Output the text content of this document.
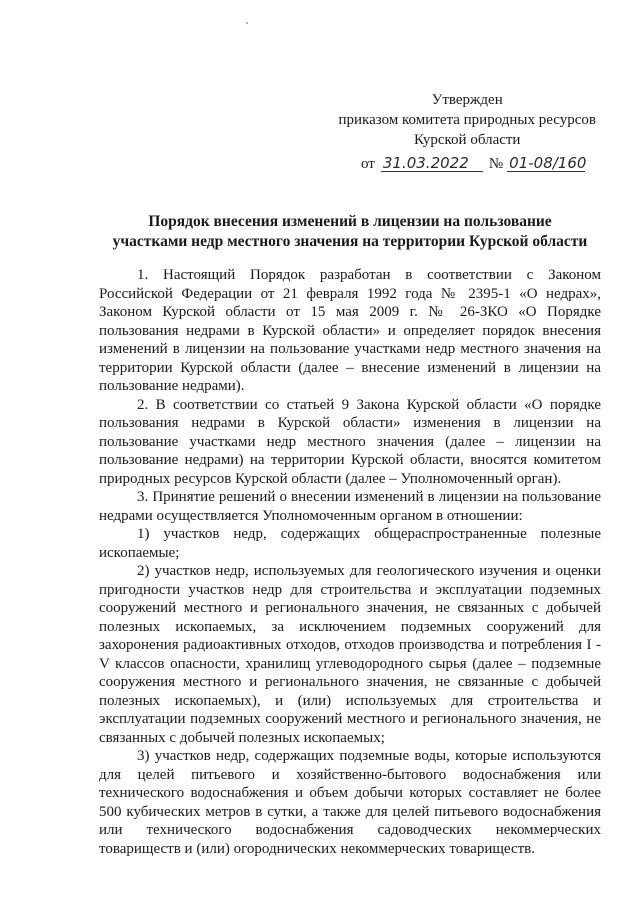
Утвержден
приказом комитета природных ресурсов
Курской области
от 31.03.2022	№ 01-08/160
Порядок внесения изменений в лицензии на пользование
участками недр местного значения на территории Курской области

1. Настоящий Порядок разработан в соответствии с Законом Российской Федерации от 21 февраля 1992 года № 2395-1 «О недрах», Законом Курской области от 15 мая 2009 г. № 26-ЗКО «О Порядке пользования недрами в Курской области» и определяет порядок внесения изменений в лицензии на пользование участками недр местного значения на территории Курской области (далее – внесение изменений в лицензии на пользование недрами).

2. В соответствии со статьей 9 Закона Курской области «О порядке пользования недрами в Курской области» изменения в лицензии на пользование участками недр местного значения (далее – лицензии на пользование недрами) на территории Курской области, вносятся комитетом природных ресурсов Курской области (далее – Уполномоченный орган).

3. Принятие решений о внесении изменений в лицензии на пользование недрами осуществляется Уполномоченным органом в отношении:

1) участков недр, содержащих общераспространенные полезные ископаемые;

2) участков недр, используемых для геологического изучения и оценки пригодности участков недр для строительства и эксплуатации подземных сооружений местного и регионального значения, не связанных с добычей полезных ископаемых, за исключением подземных сооружений для захоронения радиоактивных отходов, отходов производства и потребления I - V классов опасности, хранилищ углеводородного сырья (далее – подземные сооружения местного и регионального значения, не связанные с добычей полезных ископаемых), и (или) используемых для строительства и эксплуатации подземных сооружений местного и регионального значения, не связанных с добычей полезных ископаемых;

3) участков недр, содержащих подземные воды, которые используются для целей питьевого и хозяйственно-бытового водоснабжения или технического водоснабжения и объем добычи которых составляет не более 500 кубических метров в сутки, а также для целей питьевого водоснабжения или технического водоснабжения садоводческих некоммерческих товариществ и (или) огороднических некоммерческих товариществ.
